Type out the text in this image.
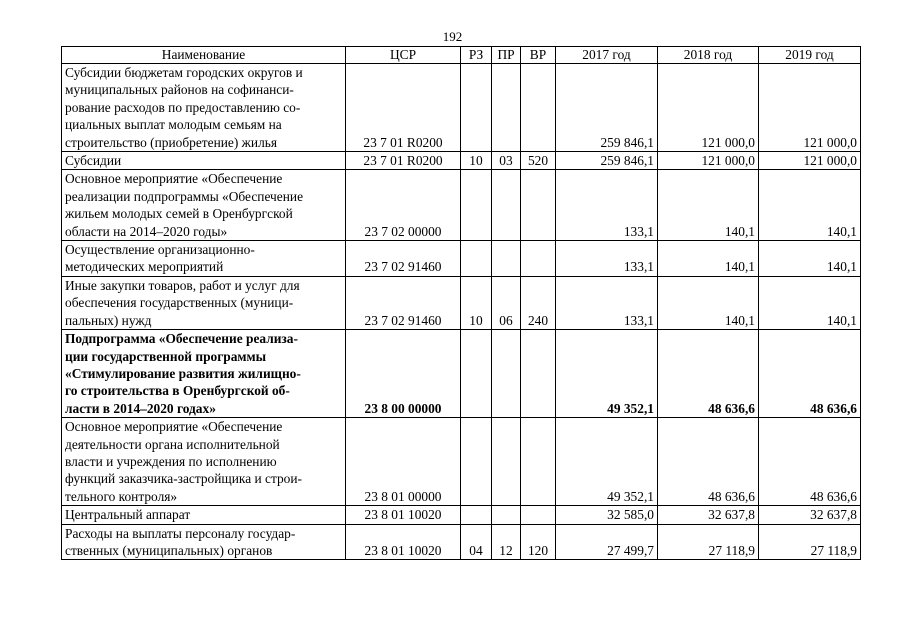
192
Наименование	ЦСР	РЗ	ПР	ВР	2017 год	2018 год	2019 год

Субсидии бюджетам городских округов и
муниципальных районов на софинанси-
рование расходов по предоставлению со-
циальных выплат молодым семьям на
строительство (приобретение) жилья	23 7 01 R0200				259 846,1	121 000,0	121 000,0

Субсидии	23 7 01 R0200	10	03	520	259 846,1	121 000,0	121 000,0

Основное мероприятие «Обеспечение
реализации подпрограммы «Обеспечение
жильем молодых семей в Оренбургской
области на 2014–2020 годы»	23 7 02 00000				133,1	140,1	140,1

Осуществление организационно-
методических мероприятий	23 7 02 91460				133,1	140,1	140,1

Иные закупки товаров, работ и услуг для
обеспечения государственных (муници-
пальных) нужд	23 7 02 91460	10	06	240	133,1	140,1	140,1

Подпрограмма «Обеспечение реализа-
ции государственной программы
«Стимулирование развития жилищно-
го строительства в Оренбургской об-
ласти в 2014–2020 годах»	23 8 00 00000				49 352,1	48 636,6	48 636,6

Основное мероприятие «Обеспечение
деятельности органа исполнительной
власти и учреждения по исполнению
функций заказчика-застройщика и строи-
тельного контроля»	23 8 01 00000				49 352,1	48 636,6	48 636,6

Центральный аппарат	23 8 01 10020				32 585,0	32 637,8	32 637,8

Расходы на выплаты персоналу государ-
ственных (муниципальных) органов	23 8 01 10020	04	12	120	27 499,7	27 118,9	27 118,9
